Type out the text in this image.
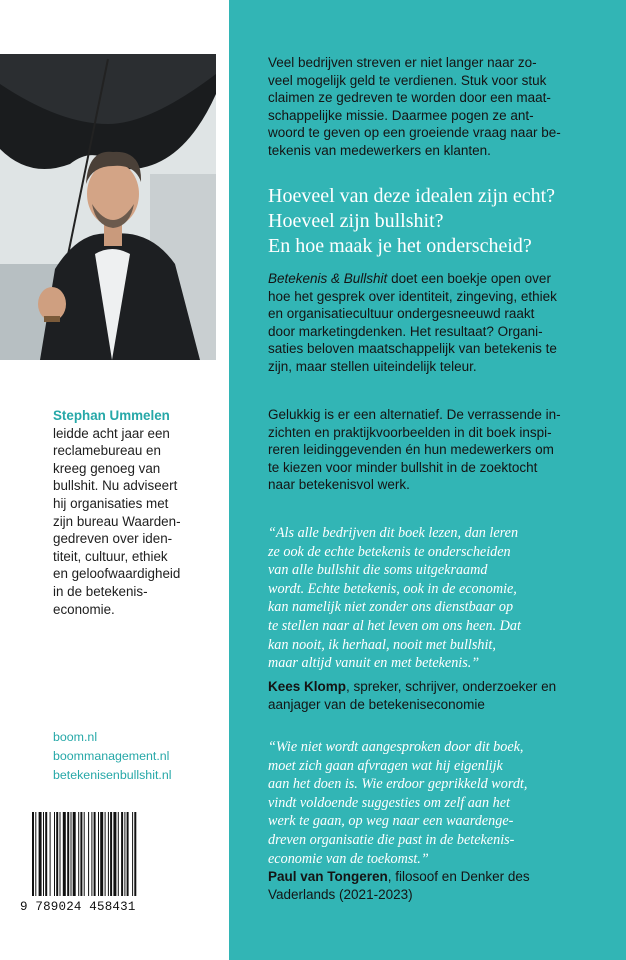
Stephan Ummelen
leidde acht jaar een
reclamebureau en
kreeg genoeg van
bullshit. Nu adviseert
hij organisaties met
zijn bureau Waarden-
gedreven over iden-
titeit, cultuur, ethiek
en geloofwaardigheid
in de betekenis-
economie.

boom.nl
boommanagement.nl
betekenisenbullshit.nl
9 789024 458431

Veel bedrijven streven er niet langer naar zo-
veel mogelijk geld te verdienen. Stuk voor stuk
claimen ze gedreven te worden door een maat-
schappelijke missie. Daarmee pogen ze ant-
woord te geven op een groeiende vraag naar be-
tekenis van medewerkers en klanten.

Hoeveel van deze idealen zijn echt?
Hoeveel zijn bullshit?
En hoe maak je het onderscheid?

Betekenis & Bullshit doet een boekje open over
hoe het gesprek over identiteit, zingeving, ethiek
en organisatiecultuur ondergesneeuwd raakt
door marketingdenken. Het resultaat? Organi-
saties beloven maatschappelijk van betekenis te
zijn, maar stellen uiteindelijk teleur.

Gelukkig is er een alternatief. De verrassende in-
zichten en praktijkvoorbeelden in dit boek inspi-
reren leidinggevenden én hun medewerkers om
te kiezen voor minder bullshit in de zoektocht
naar betekenisvol werk.

“Als alle bedrijven dit boek lezen, dan leren
ze ook de echte betekenis te onderscheiden
van alle bullshit die soms uitgekraamd
wordt. Echte betekenis, ook in de economie,
kan namelijk niet zonder ons dienstbaar op
te stellen naar al het leven om ons heen. Dat
kan nooit, ik herhaal, nooit met bullshit,
maar altijd vanuit en met betekenis.”

Kees Klomp, spreker, schrijver, onderzoeker en aanjager van de betekeniseconomie

“Wie niet wordt aangesproken door dit boek,
moet zich gaan afvragen wat hij eigenlijk
aan het doen is. Wie erdoor geprikkeld wordt,
vindt voldoende suggesties om zelf aan het
werk te gaan, op weg naar een waardenge-
dreven organisatie die past in de betekenis-
economie van de toekomst.”

Paul van Tongeren, filosoof en Denker des Vaderlands (2021-2023)
